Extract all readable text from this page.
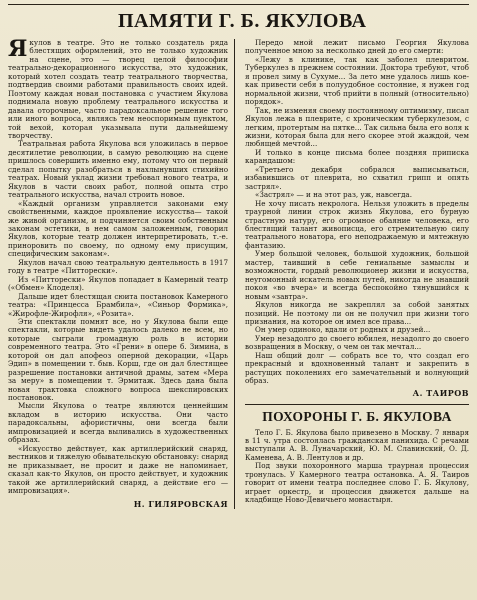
ПАМЯТИ Г. Б. ЯКУЛОВА

Якулов в театре. Это не только создатель ряда блестящих оформлений, это не только художник на сцене, это — творец целой философии театрально-декорационного искусства, это художник, который хотел создать театр театрального творчества, подтвердив своими работами правильность своих идей. Поэтому каждая новая постановка с участием Якулова поднимала новую проблему театрального искусства и давала оторочные, часто парадоксальное решение того или иного вопроса, являясь тем неоспоримым пунктом, той вехой, которая указывала пути дальнейшему творчеству.

Театральная работа Якулова вся уложилась в первое десятилетие революции, в самую революцию на сцене пришлось совершить именно ему, потому что он первый сделал попытку разобраться в нахлынувших стихийно театрах. Новый уклад жизни требовал нового театра, и Якулов в части своих работ, полной опыта стро театрального искусства, начал строить новое.

«Каждый организм управляется законами ему свойственными, каждое проявление искусства— такой же живой организм, и подчиняется своим собственным законам эстетики, в нем самом заложенным, говорил Якулов, которые театр должен интерпретировать, т.-е. приноровить по своему, по одному ему присущим, специфическим законам».

Якулов начал свою театральную деятельность в 1917 году в театре «Питторески».

Из «Питторески» Якулов попадает в Камерный театр («Обмен» Клоделя).

Дальше идет блестящая сюита постановок Камерного театра: «Принцесса Брамбила», «Синьор Формика», «Жирофле-Жирофля», «Розита».

Эти спектакли помнят все, но у Якулова были еще спектакли, которые видеть удалось далеко не всем, но которые сыграли громадную роль в истории современного театра. Это «Грени» в опере б. Зимина, в которой он дал апофеоз оперной декорации, «Царь Эдип» в помещении т. быв. Корш, где он дал блестящее разрешение постановки античной драмы, затем «Мера за меру» в помещении т. Эрмитаж. Здесь дана была новая трактовка сложного вопроса шекспировских постановок.

Мысли Якулова о театре являются ценнейшим вкладом в историю искусства. Они часто парадоксальны, афористичны, они всегда были импровизацией и всегда выливались в художественных образах.

«Искусство действует, как артиллерийский снаряд, вестников и тяжелую обывательскую обстановку: снаряд не приказывает, не просит и даже не напоминает, сказал как-то Якулов, он просто действует, и художник такой же артиллерийский снаряд, а действие его — импровизация».

Н. ГИЛЯРОВСКАЯ

Передо мной лежит письмо Георгия Якулова полученное мною за несколько дней до его смерти:

«Лежу в клинике, так как заболел плевритом. Туберкулез в прежнем состоянии. Доктора требуют, чтоб я провел зиму в Сухуме... За лето мне удалось лишь кое-как привести себя в полуудобное состояние, я нужен год нормальной жизни, чтоб прийти в полный (относительно) порядок».

Так, не изменяя своему постоянному оптимизму, писал Якулов лежа в плеврите, с хроническим туберкулезом, с легким, протертым на пятке... Так сильна была его воля к жизни, которая была для него скорее этой жаждой, чем любящей мечтой...

И только в конце письма более поздняя приписка карандашом:

«Третьего декабря собрался выписываться, избавившись от плеврита, но схватил грипп и опять застрял».

«Застрял» — и на этот раз, уж, навсегда.

Не хочу писать некролога. Нельзя уложить в пределы траурной линии строк жизнь Якулова, его бурную страстную натуру, его огромное обаяние человека, его блестящий талант живописца, его стремительную силу театрального новатора, его неподражаемую и мятежную фантазию.

Умер большой человек, большой художник, большой мастер, таивший в себе гениальные замыслы и возможности, гордый революционер жизни и искусства, неугомонный искатель новых путей, никогда не знавший покоя «во вчера» и всегда беспокойно тянувшийся к новым «завтра».

Якулов никогда не закреплял за собой занятых позиций. Не поэтому ли он не получил при жизни того признания, на которое он имел все права...

Он умер одиноко, вдали от родных и друзей...

Умер незадолго до своего юбилея, незадолго до своего возвращения в Москву, о чем он так мечтал...

Наш общий долг — собрать все то, что создал его прекрасный и вдохновенный талант и закрепить в растущих поколениях его замечательный и волнующий образ.

А. ТАИРОВ
ПОХОРОНЫ Г. Б. ЯКУЛОВА

Тело Г. Б. Якулова было привезено в Москву. 7 января в 11 ч. утра состоялась гражданская панихида. С речами выступали А. В. Луначарский, Ю. М. Славинский, О. Д. Каменева, А. В. Лентулов и др.

Под звуки похоронного марша траурная процессия тронулась. У Камерного театра остановка. А. Я. Таиров говорит от имени театра последнее слово Г. Б. Якулову, играет оркестр, и процессия движется дальше на кладбище Ново-Девичьего монастыря.
